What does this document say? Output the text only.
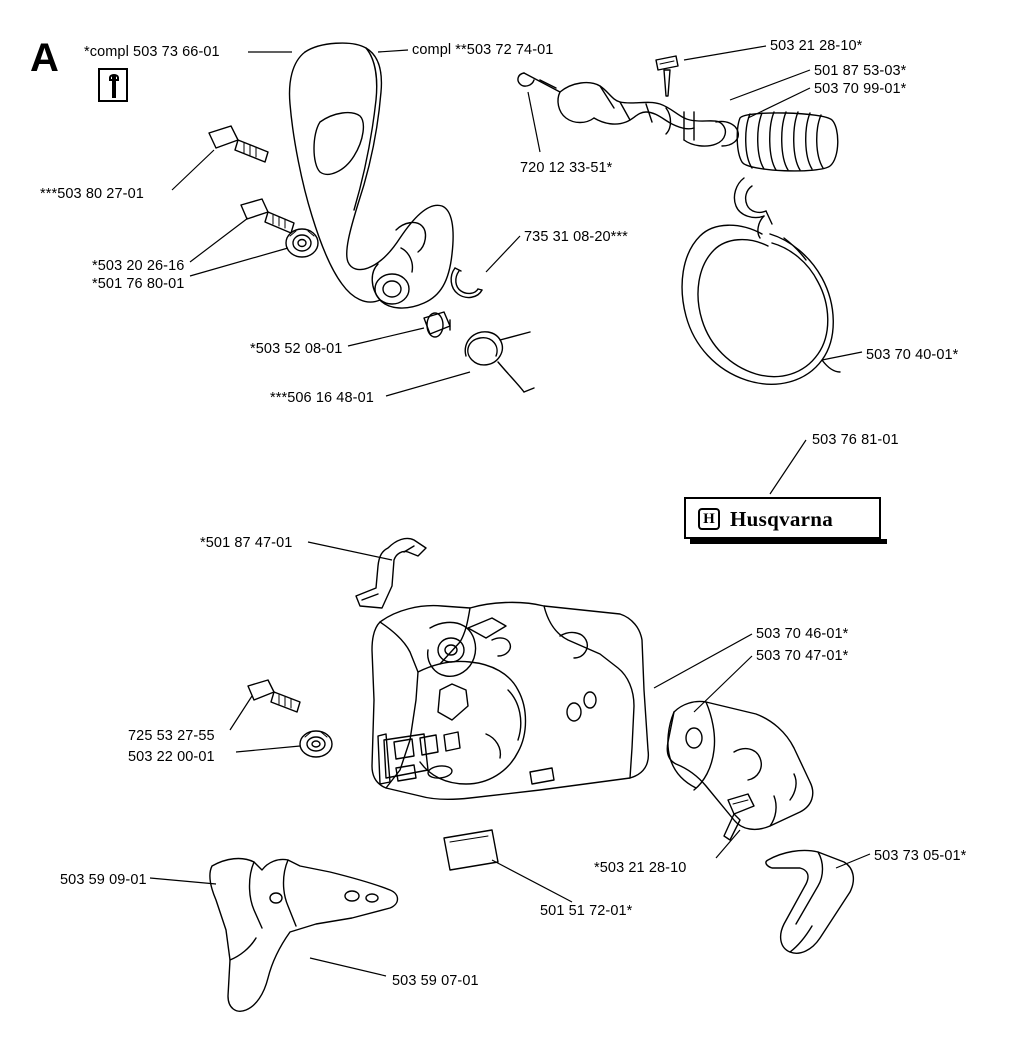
A
H Husqvarna
*compl 503 73 66-01	compl **503 72 74-01	503 21 28-10*
501 87 53-03*
503 70 99-01*
720 12 33-51*
***503 80 27-01
*503 20 26-16
*501 76 80-01
735 31 08-20***
*503 52 08-01
***506 16 48-01
503 70 40-01*
503 76 81-01
*501 87 47-01
503 70 46-01*
503 70 47-01*
725 53 27-55
503 22 00-01
503 59 09-01
*503 21 28-10
503 73 05-01*
501 51 72-01*
503 59 07-01
